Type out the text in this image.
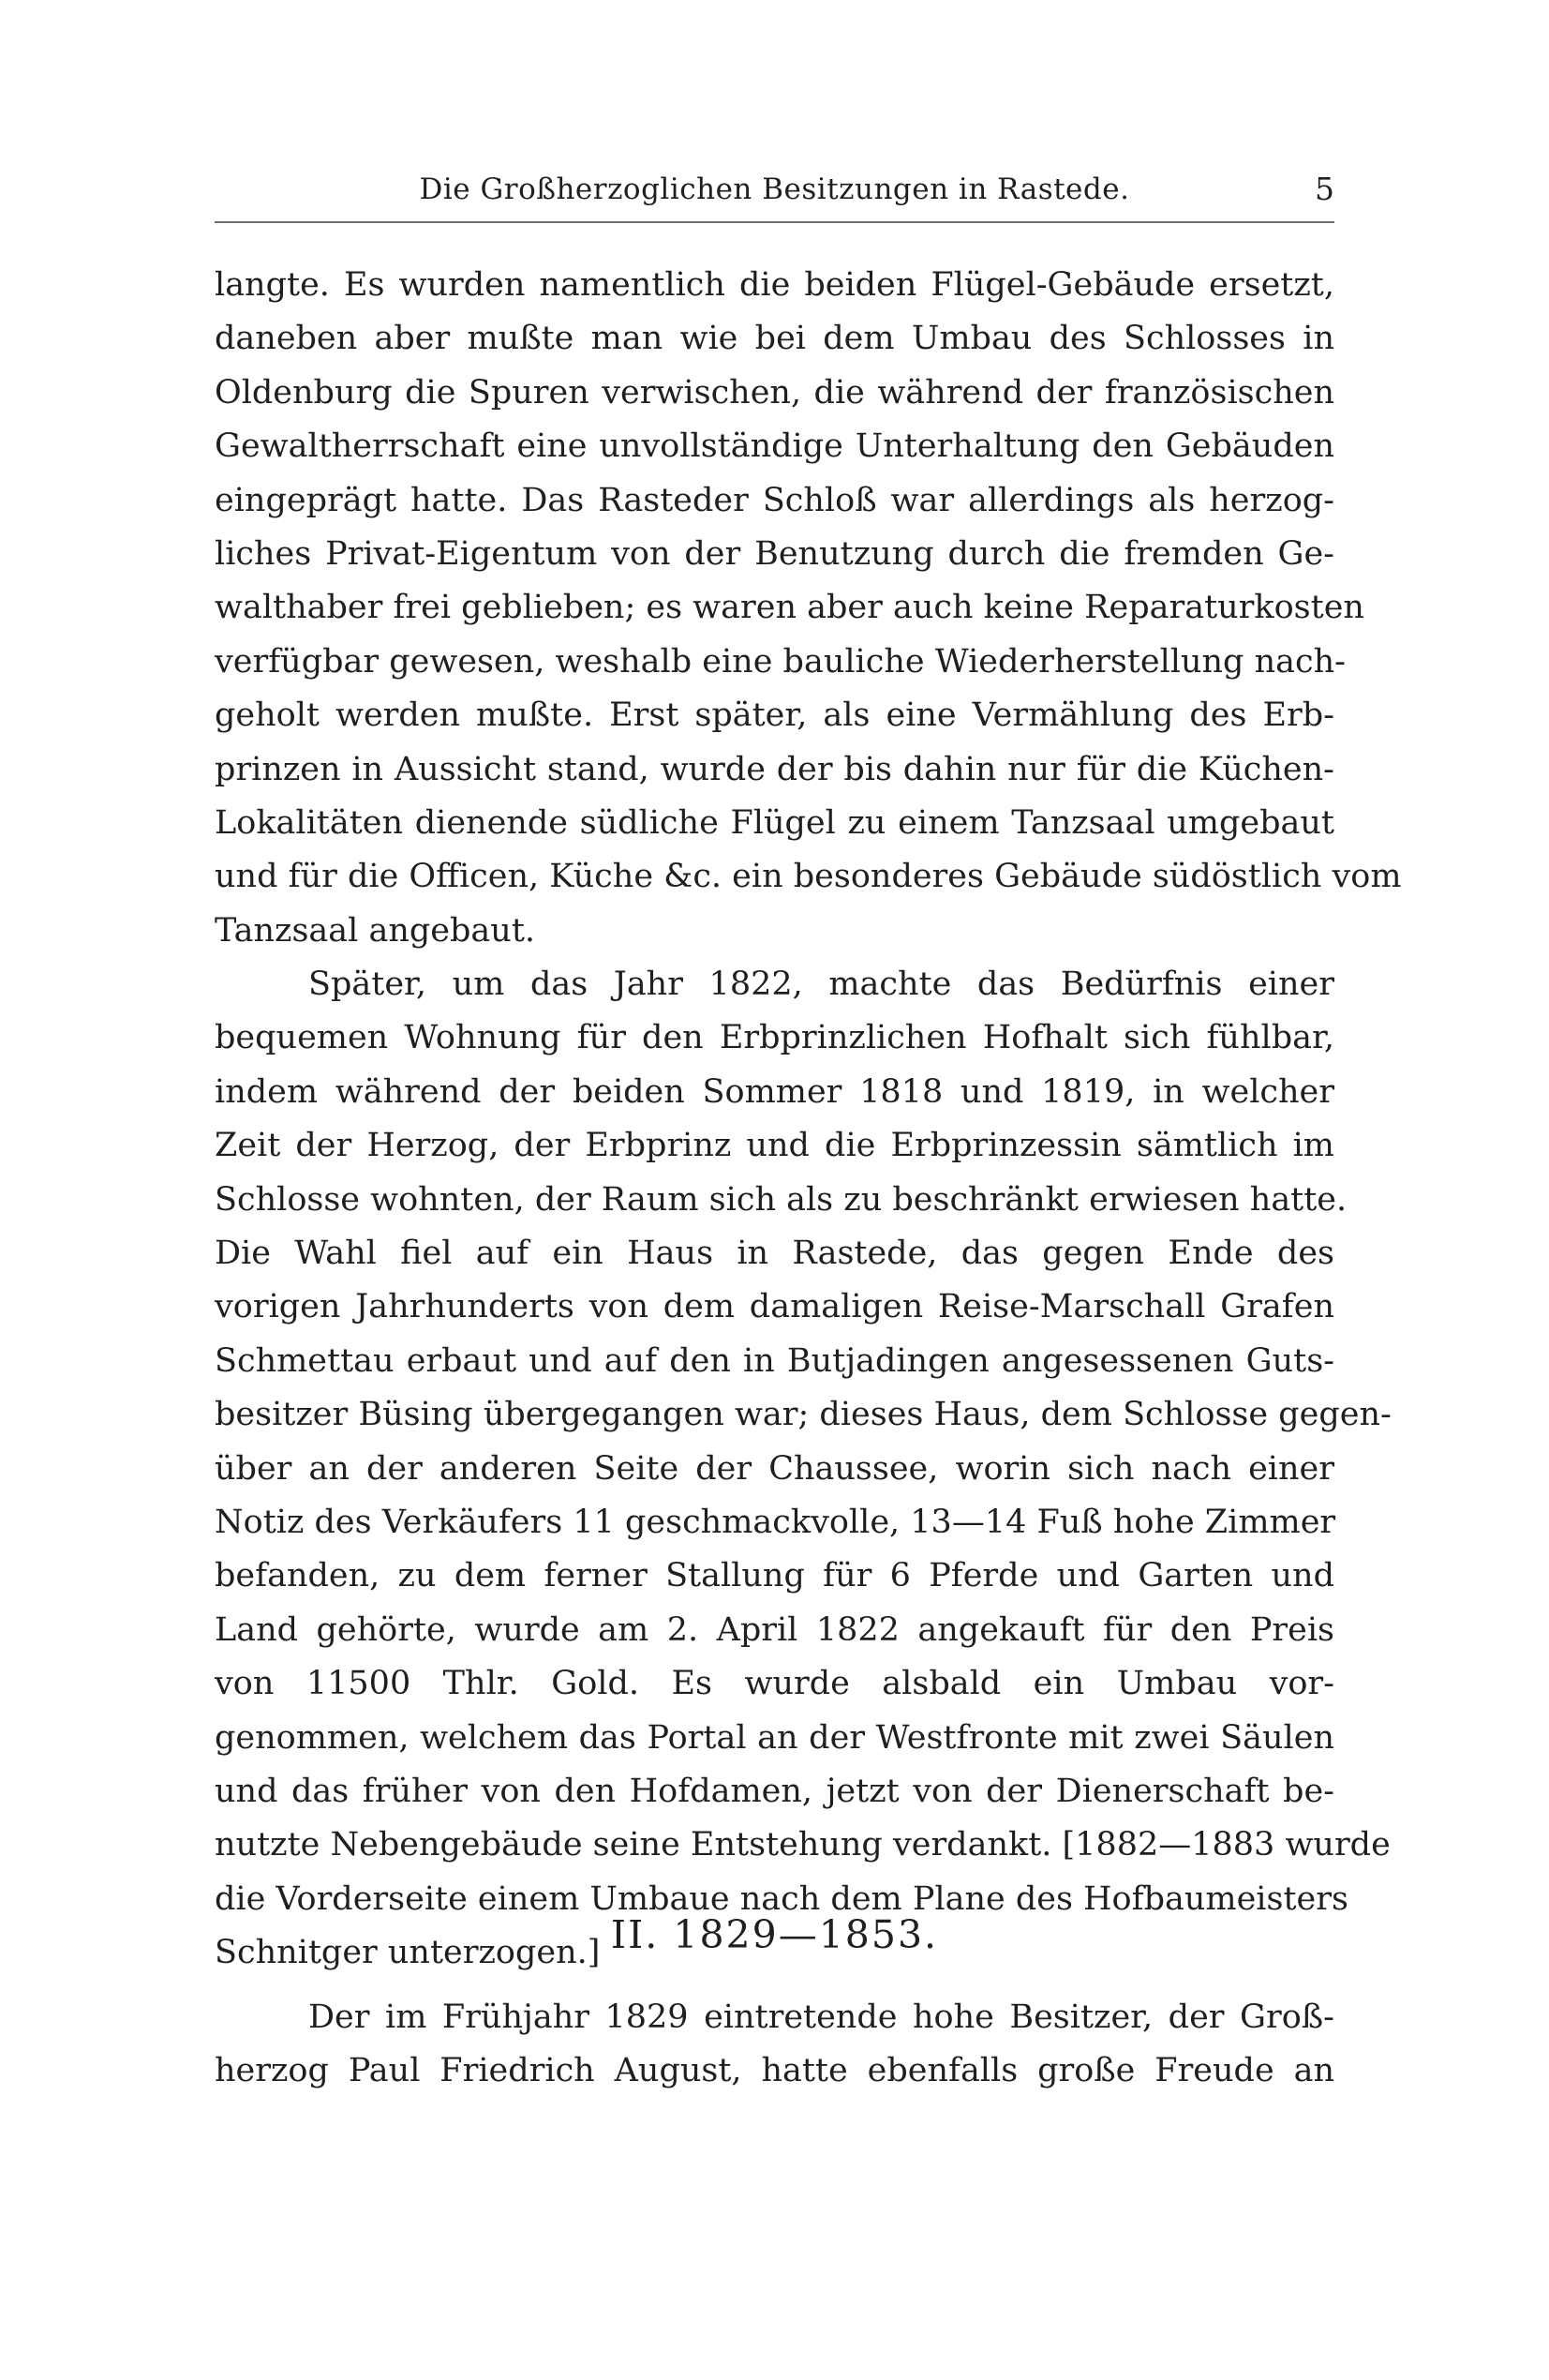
Die Großherzoglichen Besitzungen in Rastede.	5
langte. Es wurden namentlich die beiden Flügel-Gebäude ersetzt,
daneben aber mußte man wie bei dem Umbau des Schlosses in
Oldenburg die Spuren verwischen, die während der französischen
Gewaltherrschaft eine unvollständige Unterhaltung den Gebäuden
eingeprägt hatte. Das Rasteder Schloß war allerdings als herzog-
liches Privat-Eigentum von der Benutzung durch die fremden Ge-
walthaber frei geblieben; es waren aber auch keine Reparaturkosten
verfügbar gewesen, weshalb eine bauliche Wiederherstellung nach-
geholt werden mußte. Erst später, als eine Vermählung des Erb-
prinzen in Aussicht stand, wurde der bis dahin nur für die Küchen-
Lokalitäten dienende südliche Flügel zu einem Tanzsaal umgebaut
und für die Officen, Küche &c. ein besonderes Gebäude südöstlich vom
Tanzsaal angebaut.
Später, um das Jahr 1822, machte das Bedürfnis einer
bequemen Wohnung für den Erbprinzlichen Hofhalt sich fühlbar,
indem während der beiden Sommer 1818 und 1819, in welcher
Zeit der Herzog, der Erbprinz und die Erbprinzessin sämtlich im
Schlosse wohnten, der Raum sich als zu beschränkt erwiesen hatte.
Die Wahl fiel auf ein Haus in Rastede, das gegen Ende des
vorigen Jahrhunderts von dem damaligen Reise-Marschall Grafen
Schmettau erbaut und auf den in Butjadingen angesessenen Guts-
besitzer Büsing übergegangen war; dieses Haus, dem Schlosse gegen-
über an der anderen Seite der Chaussee, worin sich nach einer
Notiz des Verkäufers 11 geschmackvolle, 13—14 Fuß hohe Zimmer
befanden, zu dem ferner Stallung für 6 Pferde und Garten und
Land gehörte, wurde am 2. April 1822 angekauft für den Preis
von 11500 Thlr. Gold. Es wurde alsbald ein Umbau vor-
genommen, welchem das Portal an der Westfronte mit zwei Säulen
und das früher von den Hofdamen, jetzt von der Dienerschaft be-
nutzte Nebengebäude seine Entstehung verdankt. [1882—1883 wurde
die Vorderseite einem Umbaue nach dem Plane des Hofbaumeisters
Schnitger unterzogen.] II. 1829—1853.
Der im Frühjahr 1829 eintretende hohe Besitzer, der Groß-
herzog Paul Friedrich August, hatte ebenfalls große Freude an
